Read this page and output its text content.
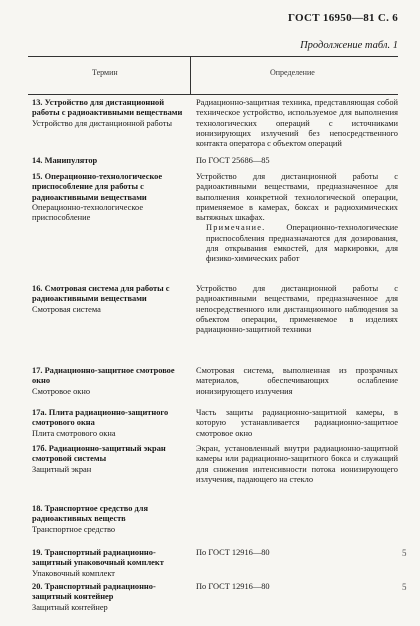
ГОСТ 16950—81 С. 6
Продолжение табл. 1
Термин	Определение
13. Устройство для дистанционной работы с радиоактивными веществами
Устройство для дистанционной работы
Радиационно-защитная техника, представляющая собой техническое устройство, используемое для выполнения технологических операций с источниками ионизирующих излучений без непосредственного контакта оператора с объектом операций
14. Манипулятор	По ГОСТ 25686—85
15. Операционно-технологическое приспособление для работы с радиоактивными веществами
Операционно-технологическое приспособление
Устройство для дистанционной работы с радиоактивными веществами, предназначенное для выполнения конкретной технологической операции, применяемое в камерах, боксах и радиохимических вытяжных шкафах.
Примечание. Операционно-технологические приспособления предназначаются для дозирования, для открывания емкостей, для маркировки, для физико-химических работ
16. Смотровая система для работы с радиоактивными веществами
Смотровая система
Устройство для дистанционной работы с радиоактивными веществами, предназначенное для непосредственного или дистанционного наблюдения за объектом операции, применяемое в изделиях радиационно-защитной техники
17. Радиационно-защитное смотровое окно
Смотровое окно
Смотровая система, выполненная из прозрачных материалов, обеспечивающих ослабление ионизирующего излучения
17а. Плита радиационно-защитного смотрового окна
Плита смотрового окна
Часть защиты радиационно-защитной камеры, в которую устанавливается радиационно-защитное смотровое окно
17б. Радиационно-защитный экран смотровой системы
Защитный экран
Экран, установленный внутри радиационно-защитной камеры или радиационно-защитного бокса и служащий для снижения интенсивности потока ионизирующего излучения, падающего на стекло
18. Транспортное средство для радиоактивных веществ
Транспортное средство
19. Транспортный радиационно-защитный упаковочный комплект
Упаковочный комплект
По ГОСТ 12916—80
20. Транспортный радиационно-защитный контейнер
Защитный контейнер
По ГОСТ 12916—80
5
5
